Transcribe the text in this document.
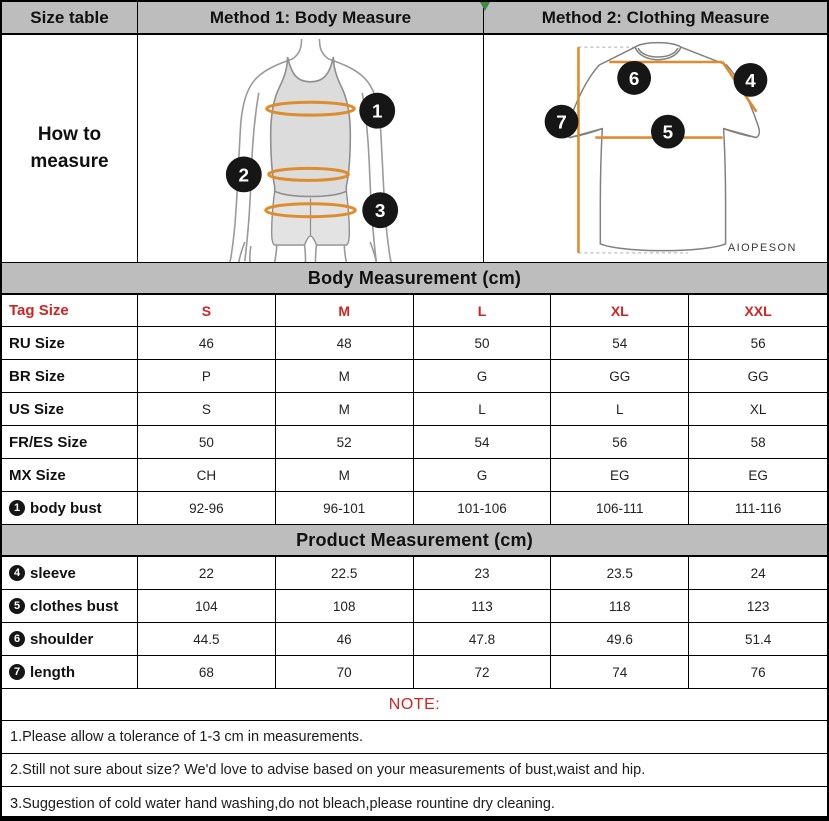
Size table	Method 1: Body Measure	Method 2: Clothing Measure
How to measure
1
2
3
6	4
7	5
AIOPESON
Body Measurement (cm)
Tag Size	S	M	L	XL	XXL
RU Size	46	48	50	54	56
BR Size	P	M	G	GG	GG
US Size	S	M	L	L	XL
FR/ES Size	50	52	54	56	58
MX Size	CH	M	G	EG	EG
1 body bust	92-96	96-101	101-106	106-111	111-116
Product Measurement (cm)
4 sleeve	22	22.5	23	23.5	24
5 clothes bust	104	108	113	118	123
6 shoulder	44.5	46	47.8	49.6	51.4
7 length	68	70	72	74	76
NOTE:
1.Please allow a tolerance of 1-3 cm in measurements.
2.Still not sure about size? We'd love to advise based on your measurements of bust,waist and hip.
3.Suggestion of cold water hand washing,do not bleach,please rountine dry cleaning.
